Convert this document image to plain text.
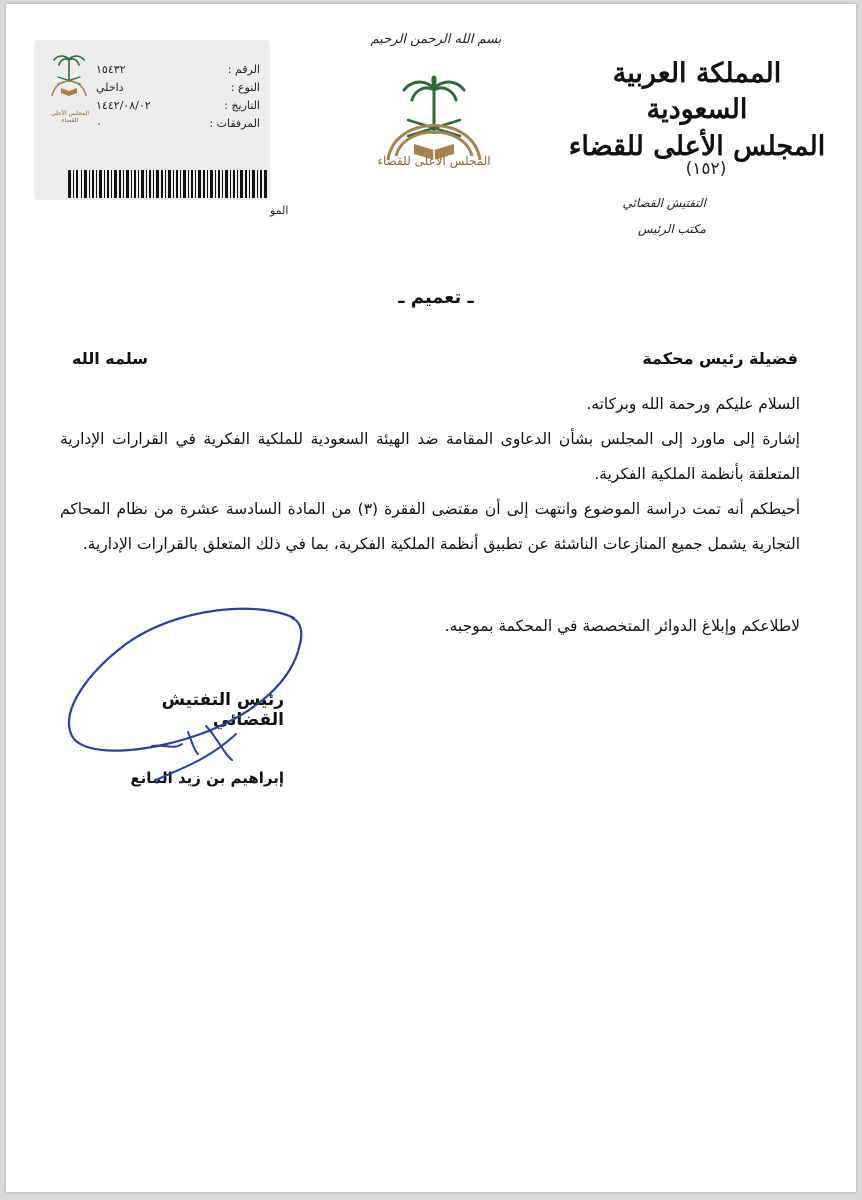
بسم الله الرحمن الرحيم
المملكة العربية السعودية
المجلس الأعلى للقضاء
(١٥٢)
التفتيش القضائي
مكتب الرئيس
المجلس الأعلى للقضاء
المجلس الأعلى للقضاء
الرقم :
١٥٤٣٢
النوع :
داخلي
التاريخ :
١٤٤٢/٠٨/٠٢
المرفقات :
٠
المو
ـ تعميم ـ
فضيلة رئيس محكمة
سلمه الله
السلام عليكم ورحمة الله وبركاته.
إشارة إلى ماورد إلى المجلس بشأن الدعاوى المقامة ضد الهيئة السعودية للملكية الفكرية في القرارات الإدارية المتعلقة بأنظمة الملكية الفكرية.
أحيطكم أنه تمت دراسة الموضوع وانتهت إلى أن مقتضى الفقرة (٣) من المادة السادسة عشرة من نظام المحاكم التجارية يشمل جميع المنازعات الناشئة عن تطبيق أنظمة الملكية الفكرية، بما في ذلك المتعلق بالقرارات الإدارية.
لاطلاعكم وإبلاغ الدوائر المتخصصة في المحكمة بموجبه.
رئيس التفتيش القضائي
إبراهيم بن زيد المانع
